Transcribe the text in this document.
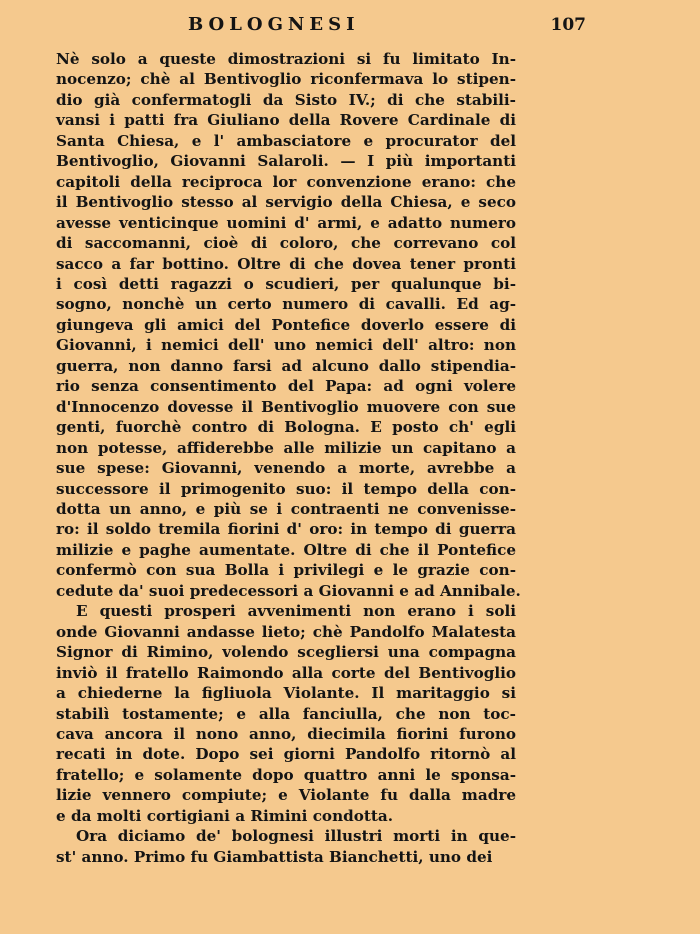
BOLOGNESI	107
Nè solo a queste dimostrazioni si fu limitato In-
nocenzo; chè al Bentivoglio riconfermava lo stipen-
dio già confermatogli da Sisto IV.; di che stabili-
vansi i patti fra Giuliano della Rovere Cardinale di
Santa Chiesa, e l' ambasciatore e procurator del
Bentivoglio, Giovanni Salaroli. — I più importanti
capitoli della reciproca lor convenzione erano: che
il Bentivoglio stesso al servigio della Chiesa, e seco
avesse venticinque uomini d' armi, e adatto numero
di saccomanni, cioè di coloro, che correvano col
sacco a far bottino. Oltre di che dovea tener pronti
i così detti ragazzi o scudieri, per qualunque bi-
sogno, nonchè un certo numero di cavalli. Ed ag-
giungeva gli amici del Pontefice doverlo essere di
Giovanni, i nemici dell' uno nemici dell' altro: non
guerra, non danno farsi ad alcuno dallo stipendia-
rio senza consentimento del Papa: ad ogni volere
d'Innocenzo dovesse il Bentivoglio muovere con sue
genti, fuorchè contro di Bologna. E posto ch' egli
non potesse, affiderebbe alle milizie un capitano a
sue spese: Giovanni, venendo a morte, avrebbe a
successore il primogenito suo: il tempo della con-
dotta un anno, e più se i contraenti ne convenisse-
ro: il soldo tremila fiorini d' oro: in tempo di guerra
milizie e paghe aumentate. Oltre di che il Pontefice
confermò con sua Bolla i privilegi e le grazie con-
cedute da' suoi predecessori a Giovanni e ad Annibale.
E questi prosperi avvenimenti non erano i soli
onde Giovanni andasse lieto; chè Pandolfo Malatesta
Signor di Rimino, volendo scegliersi una compagna
inviò il fratello Raimondo alla corte del Bentivoglio
a chiederne la figliuola Violante. Il maritaggio si
stabilì tostamente; e alla fanciulla, che non toc-
cava ancora il nono anno, diecimila fiorini furono
recati in dote. Dopo sei giorni Pandolfo ritornò al
fratello; e solamente dopo quattro anni le sponsa-
lizie vennero compiute; e Violante fu dalla madre
e da molti cortigiani a Rimini condotta.
Ora diciamo de' bolognesi illustri morti in que-
st' anno. Primo fu Giambattista Bianchetti, uno dei
